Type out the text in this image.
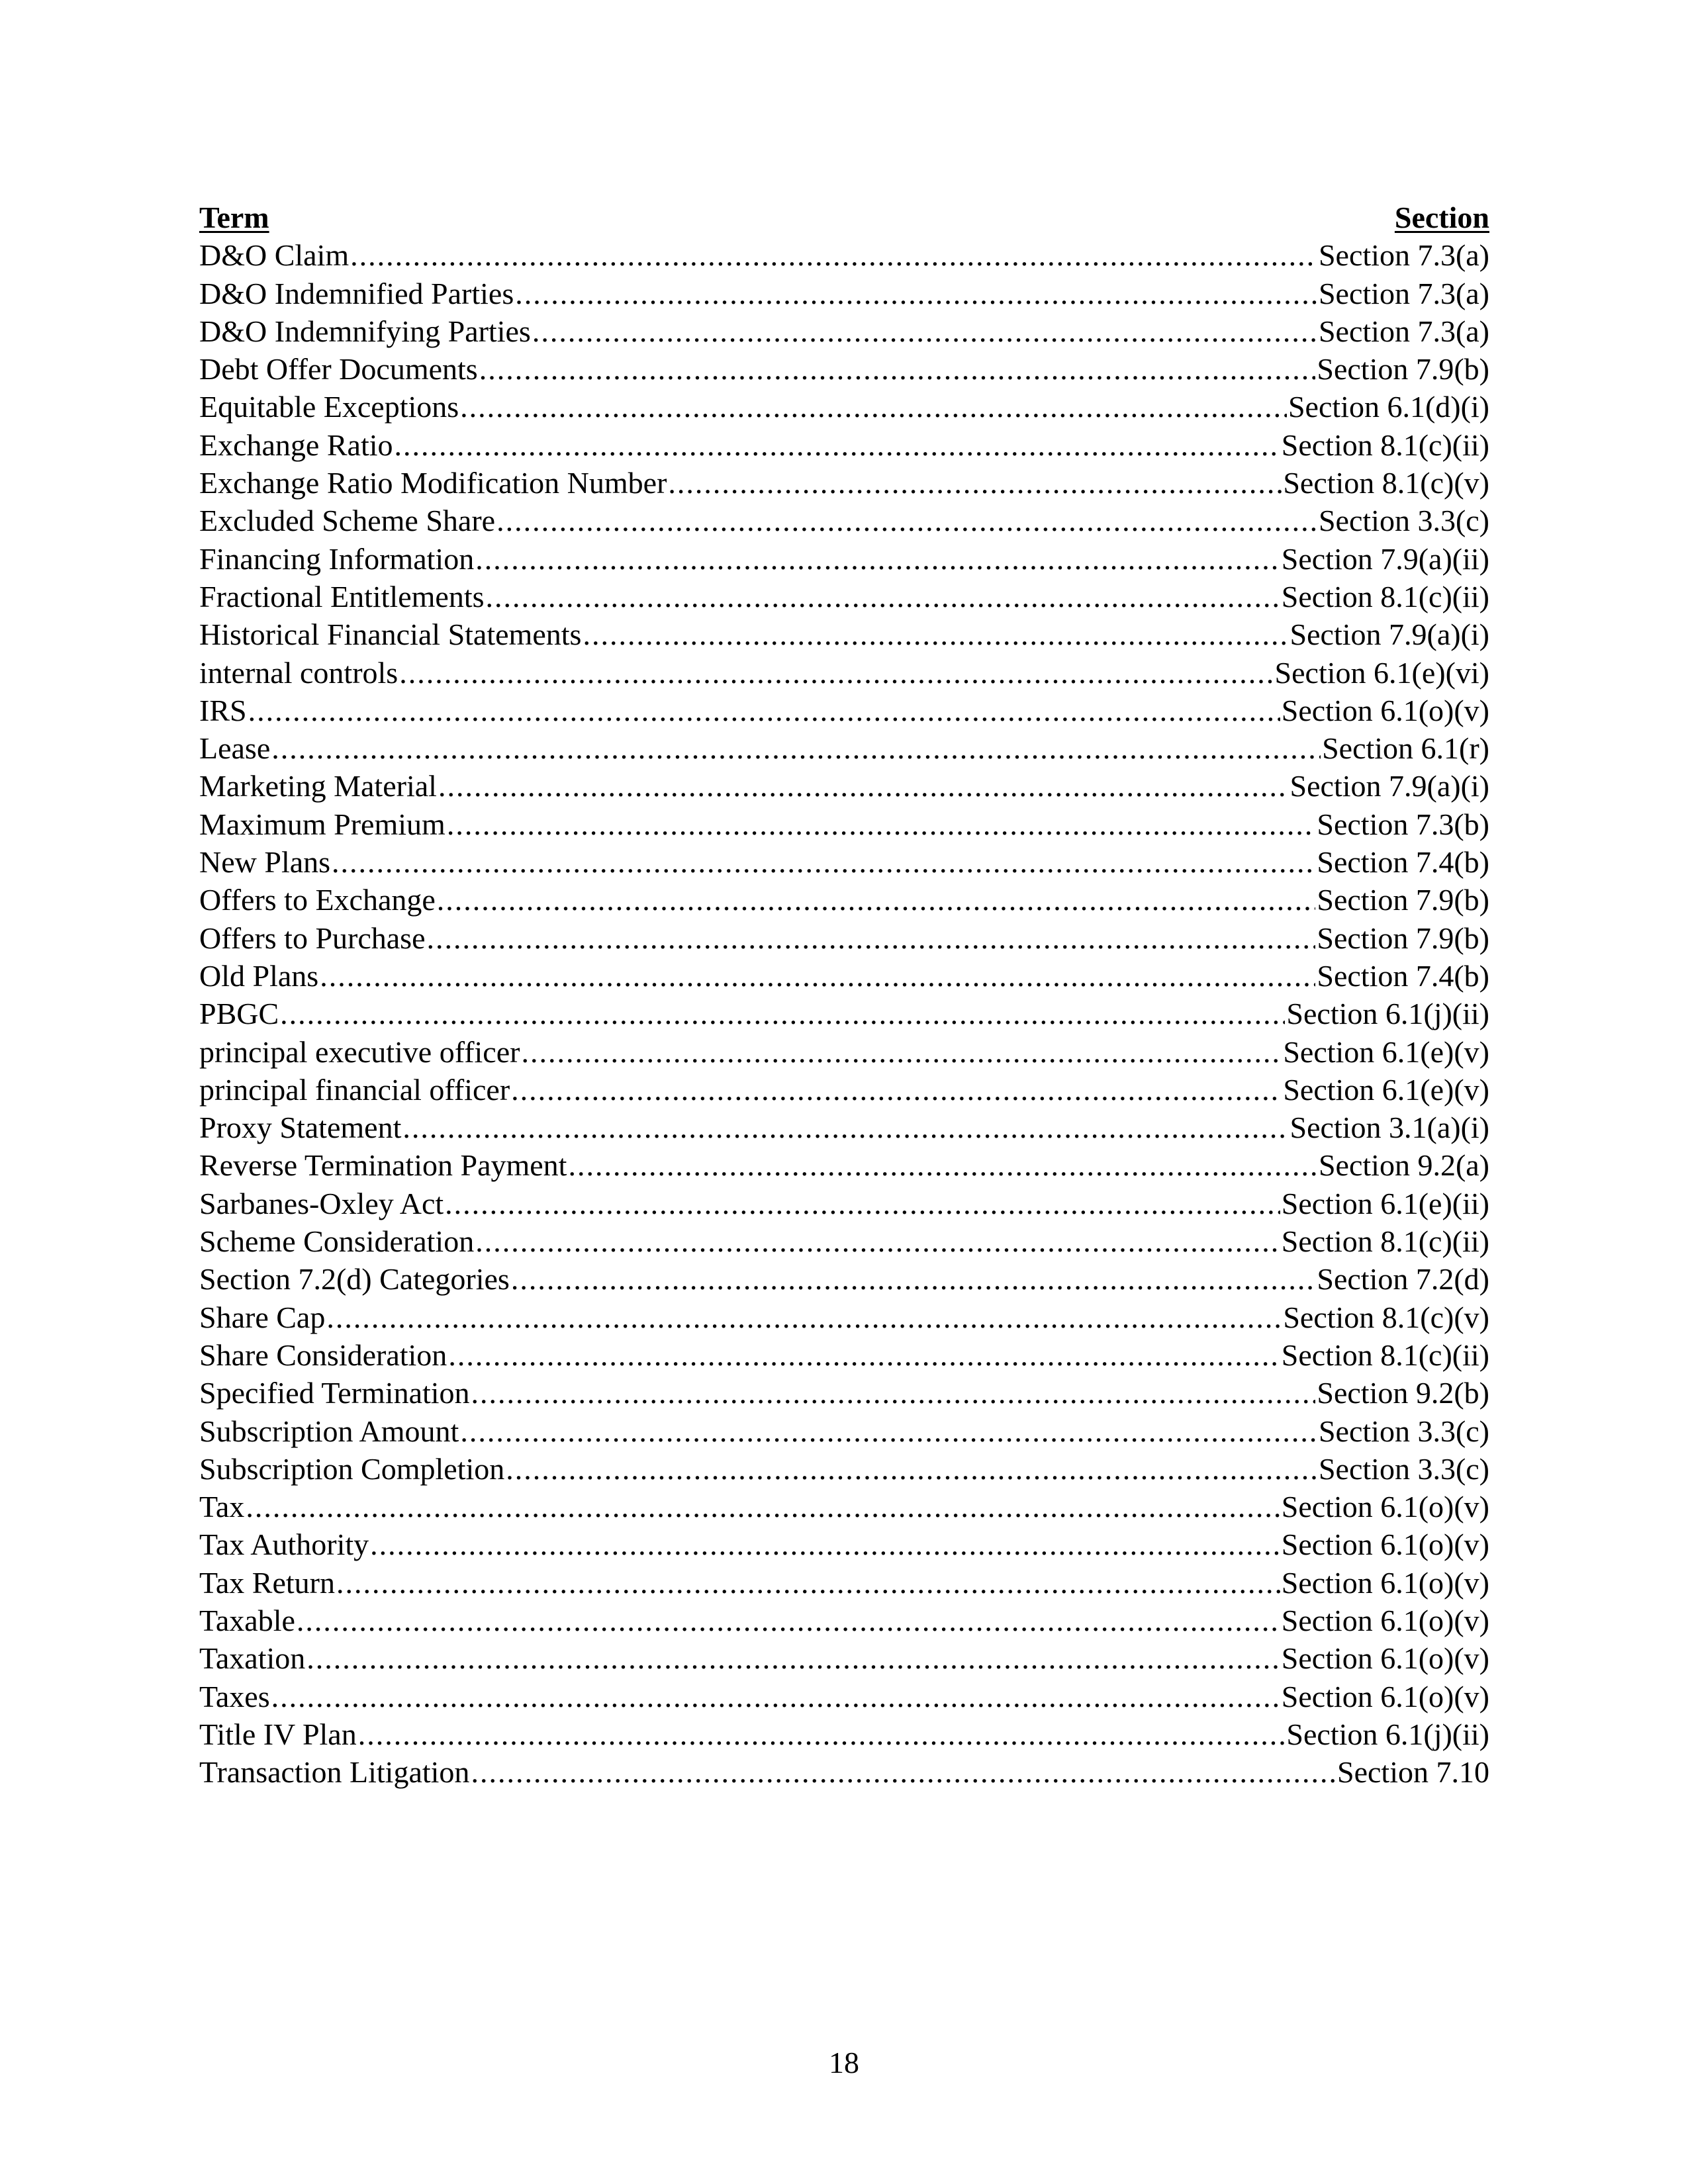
Term	Section
D&O Claim .....	Section 7.3(a)
D&O Indemnified Parties .....	Section 7.3(a)
D&O Indemnifying Parties .....	Section 7.3(a)
Debt Offer Documents .....	Section 7.9(b)
Equitable Exceptions .....	Section 6.1(d)(i)
Exchange Ratio .....	Section 8.1(c)(ii)
Exchange Ratio Modification Number .....	Section 8.1(c)(v)
Excluded Scheme Share .....	Section 3.3(c)
Financing Information .....	Section 7.9(a)(ii)
Fractional Entitlements .....	Section 8.1(c)(ii)
Historical Financial Statements .....	Section 7.9(a)(i)
internal controls .....	Section 6.1(e)(vi)
IRS .....	Section 6.1(o)(v)
Lease .....	Section 6.1(r)
Marketing Material .....	Section 7.9(a)(i)
Maximum Premium .....	Section 7.3(b)
New Plans .....	Section 7.4(b)
Offers to Exchange .....	Section 7.9(b)
Offers to Purchase .....	Section 7.9(b)
Old Plans .....	Section 7.4(b)
PBGC .....	Section 6.1(j)(ii)
principal executive officer .....	Section 6.1(e)(v)
principal financial officer .....	Section 6.1(e)(v)
Proxy Statement .....	Section 3.1(a)(i)
Reverse Termination Payment .....	Section 9.2(a)
Sarbanes-Oxley Act .....	Section 6.1(e)(ii)
Scheme Consideration .....	Section 8.1(c)(ii)
Section 7.2(d) Categories .....	Section 7.2(d)
Share Cap .....	Section 8.1(c)(v)
Share Consideration .....	Section 8.1(c)(ii)
Specified Termination .....	Section 9.2(b)
Subscription Amount .....	Section 3.3(c)
Subscription Completion .....	Section 3.3(c)
Tax .....	Section 6.1(o)(v)
Tax Authority .....	Section 6.1(o)(v)
Tax Return .....	Section 6.1(o)(v)
Taxable .....	Section 6.1(o)(v)
Taxation .....	Section 6.1(o)(v)
Taxes .....	Section 6.1(o)(v)
Title IV Plan .....	Section 6.1(j)(ii)
Transaction Litigation .....	Section 7.10
18
